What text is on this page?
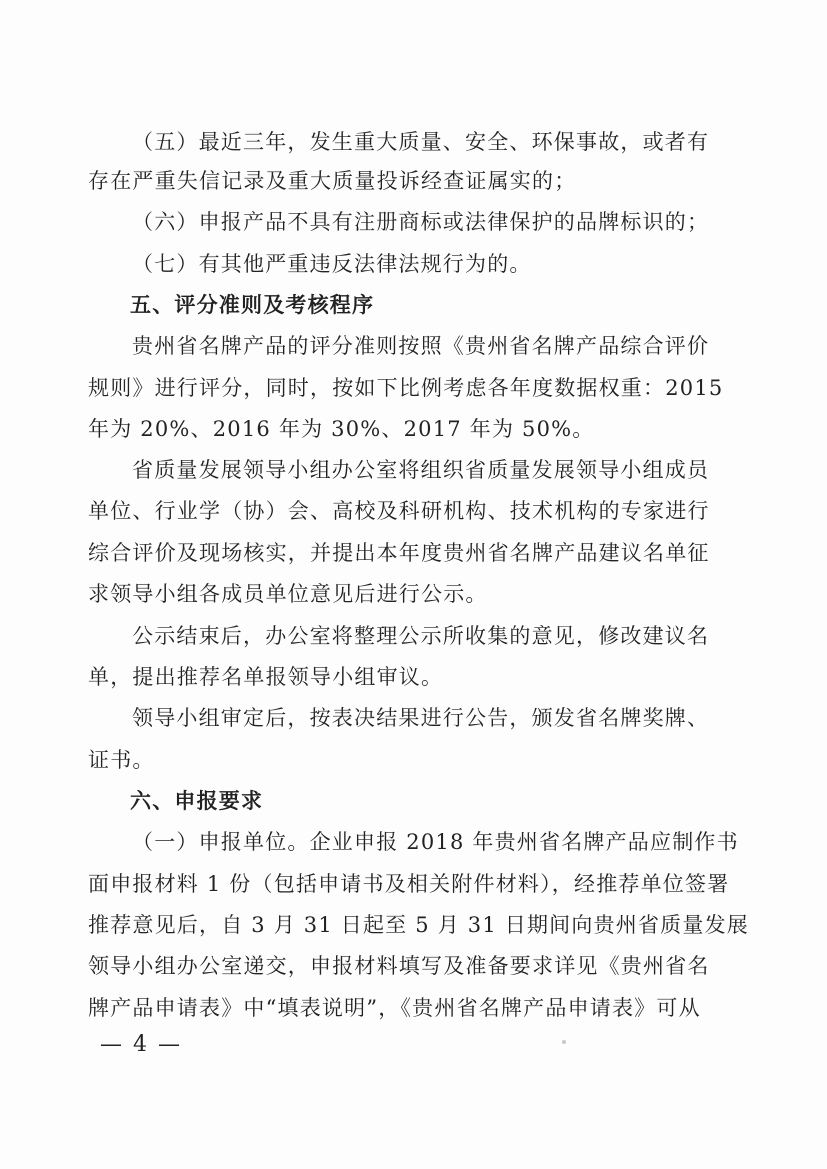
（五）最近三年，发生重大质量、安全、环保事故，或者有
存在严重失信记录及重大质量投诉经查证属实的；
（六）申报产品不具有注册商标或法律保护的品牌标识的；
（七）有其他严重违反法律法规行为的。
五、评分准则及考核程序
贵州省名牌产品的评分准则按照《贵州省名牌产品综合评价
规则》进行评分，同时，按如下比例考虑各年度数据权重：2015
年为 20%、2016 年为 30%、2017 年为 50%。
省质量发展领导小组办公室将组织省质量发展领导小组成员
单位、行业学（协）会、高校及科研机构、技术机构的专家进行
综合评价及现场核实，并提出本年度贵州省名牌产品建议名单征
求领导小组各成员单位意见后进行公示。
公示结束后，办公室将整理公示所收集的意见，修改建议名
单，提出推荐名单报领导小组审议。
领导小组审定后，按表决结果进行公告，颁发省名牌奖牌、
证书。
六、申报要求
（一）申报单位。企业申报 2018 年贵州省名牌产品应制作书
面申报材料 1 份（包括申请书及相关附件材料），经推荐单位签署
推荐意见后，自 3 月 31 日起至 5 月 31 日期间向贵州省质量发展
领导小组办公室递交，申报材料填写及准备要求详见《贵州省名
牌产品申请表》中“填表说明”，《贵州省名牌产品申请表》可从
— 4 —
